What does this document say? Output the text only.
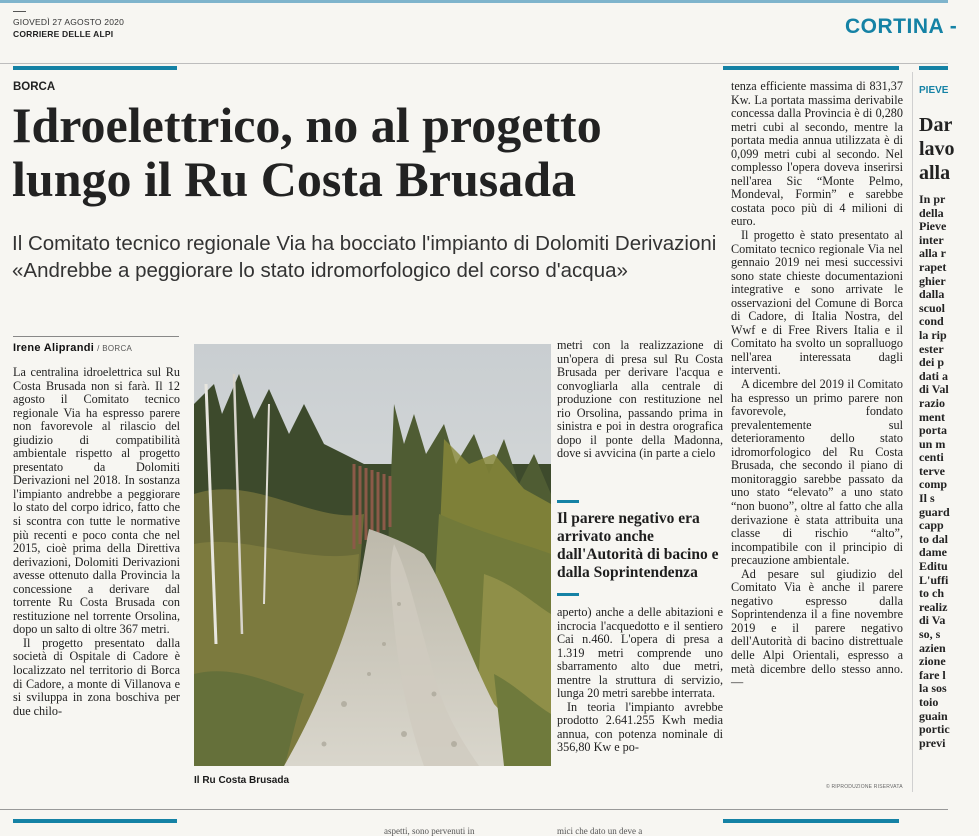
GIOVEDÌ 27 AGOSTO 2020
CORRIERE DELLE ALPI	CORTINA -
BORCA
Idroelettrico, no al progetto
lungo il Ru Costa Brusada
Il Comitato tecnico regionale Via ha bocciato l'impianto di Dolomiti Derivazioni
«Andrebbe a peggiorare lo stato idromorfologico del corso d'acqua»
Irene Aliprandi / BORCA

La centralina idroelettrica sul Ru Costa Brusada non si farà. Il 12 agosto il Comitato tecnico regionale Via ha espresso parere non favorevole al rilascio del giudizio di compatibilità ambientale rispetto al progetto presentato da Dolomiti Derivazioni nel 2018. In sostanza l'impianto andrebbe a peggiorare lo stato del corpo idrico, fatto che si scontra con tutte le normative più recenti e poco conta che nel 2015, cioè prima della Direttiva derivazioni, Dolomiti Derivazioni avesse ottenuto dalla Provincia la concessione a derivare dal torrente Ru Costa Brusada con restituzione nel torrente Orsolina, dopo un salto di oltre 367 metri.

Il progetto presentato dalla società di Ospitale di Cadore è localizzato nel territorio di Borca di Cadore, a monte di Villanova e si sviluppa in zona boschiva per due chilo-

Il Ru Costa Brusada

metri con la realizzazione di un'opera di presa sul Ru Costa Brusada per derivare l'acqua e convogliarla alla centrale di produzione con restituzione nel rio Orsolina, passando prima in sinistra e poi in destra orografica dopo il ponte della Madonna, dove si avvicina (in parte a cielo

Il parere negativo era arrivato anche dall'Autorità di bacino e dalla Soprintendenza

aperto) anche a delle abitazioni e incrocia l'acquedotto e il sentiero Cai n.460. L'opera di presa a 1.319 metri comprende uno sbarramento alto due metri, mentre la struttura di servizio, lunga 20 metri sarebbe interrata.

In teoria l'impianto avrebbe prodotto 2.641.255 Kwh media annua, con potenza nominale di 356,80 Kw e po-

tenza efficiente massima di 831,37 Kw. La portata massima derivabile concessa dalla Provincia è di 0,280 metri cubi al secondo, mentre la portata media annua utilizzata è di 0,099 metri cubi al secondo. Nel complesso l'opera doveva inserirsi nell'area Sic “Monte Pelmo, Mondeval, Formin” e sarebbe costata poco più di 4 milioni di euro.

Il progetto è stato presentato al Comitato tecnico regionale Via nel gennaio 2019 nei mesi successivi sono state chieste documentazioni integrative e sono arrivate le osservazioni del Comune di Borca di Cadore, di Italia Nostra, del Wwf e di Free Rivers Italia e il Comitato ha svolto un sopralluogo nell'area interessata dagli interventi.

A dicembre del 2019 il Comitato ha espresso un primo parere non favorevole, fondato prevalentemente sul deterioramento dello stato idromorfologico del Ru Costa Brusada, che secondo il piano di monitoraggio sarebbe passato da uno stato “elevato” a uno stato “non buono”, oltre al fatto che alla derivazione è stata attribuita una classe di rischio “alto”, incompatibile con il principio di precauzione ambientale.

Ad pesare sul giudizio del Comitato Via è anche il parere negativo espresso dalla Soprintendenza il a fine novembre 2019 e il parere negativo dell'Autorità di bacino distrettuale delle Alpi Orientali, espresso a metà dicembre dello stesso anno. —

© RIPRODUZIONE RISERVATA
PIEVE
Dar
lavo
alla
In pr
della
Pieve
inter
alla r
rapet
ghier
dalla
scuol
cond
la rip
ester
dei p
dati a
di Val
razio
ment
porta
un m
centi
terve
comp
Il s
guard
capp
to dal
dame
Editu
L'uffi
to ch
realiz
di Va
so, s
azien
zione
fare l
la sos
toio
guain
portic
previ
aspetti, sono pervenuti in	mici che dato un deve a
